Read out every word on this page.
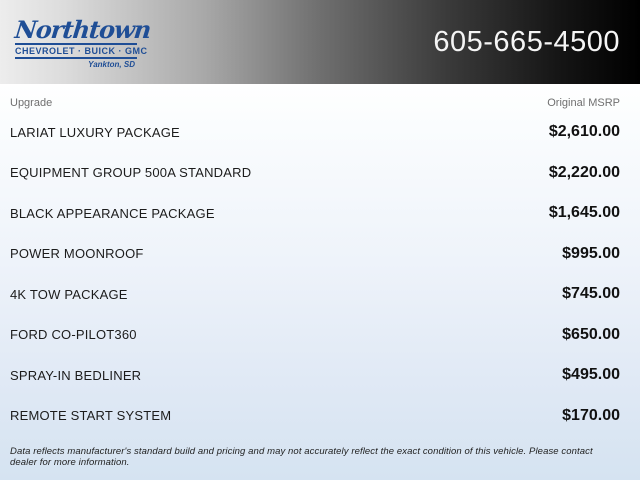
Northtown
CHEVROLET · BUICK · GMC
Yankton, SD
605-665-4500
Upgrade	Original MSRP
LARIAT LUXURY PACKAGE	$2,610.00
EQUIPMENT GROUP 500A STANDARD	$2,220.00
BLACK APPEARANCE PACKAGE	$1,645.00
POWER MOONROOF	$995.00
4K TOW PACKAGE	$745.00
FORD CO-PILOT360	$650.00
SPRAY-IN BEDLINER	$495.00
REMOTE START SYSTEM	$170.00
Data reflects manufacturer's standard build and pricing and may not accurately reflect the exact condition of this vehicle. Please contact dealer for more information.
